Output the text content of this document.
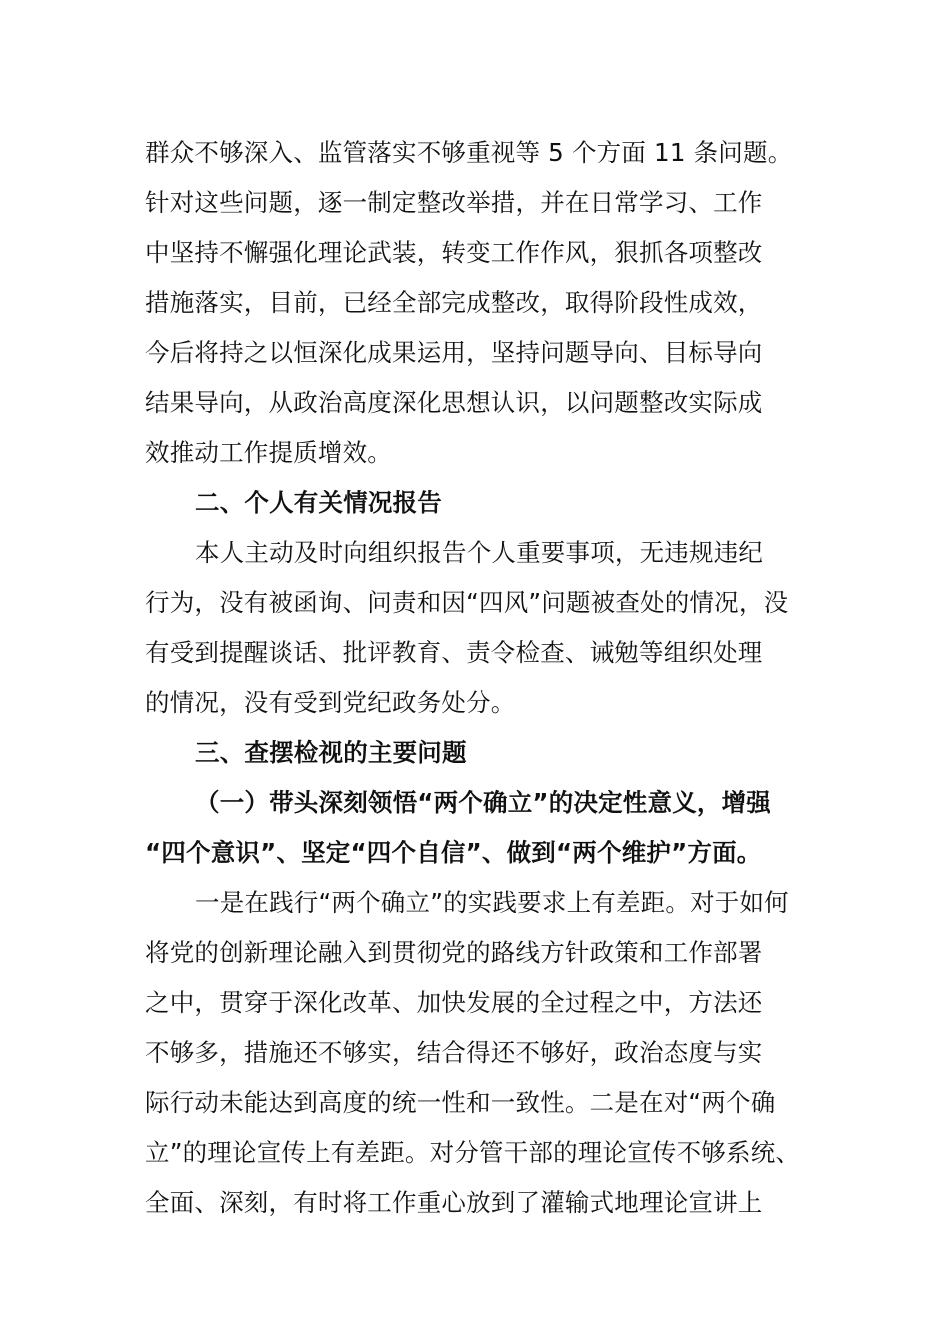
群众不够深入、监管落实不够重视等 5 个方面 11 条问题。
针对这些问题，逐一制定整改举措，并在日常学习、工作
中坚持不懈强化理论武装，转变工作作风，狠抓各项整改
措施落实，目前，已经全部完成整改，取得阶段性成效，
今后将持之以恒深化成果运用，坚持问题导向、目标导向
结果导向，从政治高度深化思想认识，以问题整改实际成
效推动工作提质增效。
二、个人有关情况报告
本人主动及时向组织报告个人重要事项，无违规违纪
行为，没有被函询、问责和因“四风”问题被查处的情况，没
有受到提醒谈话、批评教育、责令检查、诫勉等组织处理
的情况，没有受到党纪政务处分。
三、查摆检视的主要问题
（一）带头深刻领悟“两个确立”的决定性意义，增强
“四个意识”、坚定“四个自信”、做到“两个维护”方面。
一是在践行“两个确立”的实践要求上有差距。对于如何
将党的创新理论融入到贯彻党的路线方针政策和工作部署
之中，贯穿于深化改革、加快发展的全过程之中，方法还
不够多，措施还不够实，结合得还不够好，政治态度与实
际行动未能达到高度的统一性和一致性。二是在对“两个确
立”的理论宣传上有差距。对分管干部的理论宣传不够系统、
全面、深刻，有时将工作重心放到了灌输式地理论宣讲上
